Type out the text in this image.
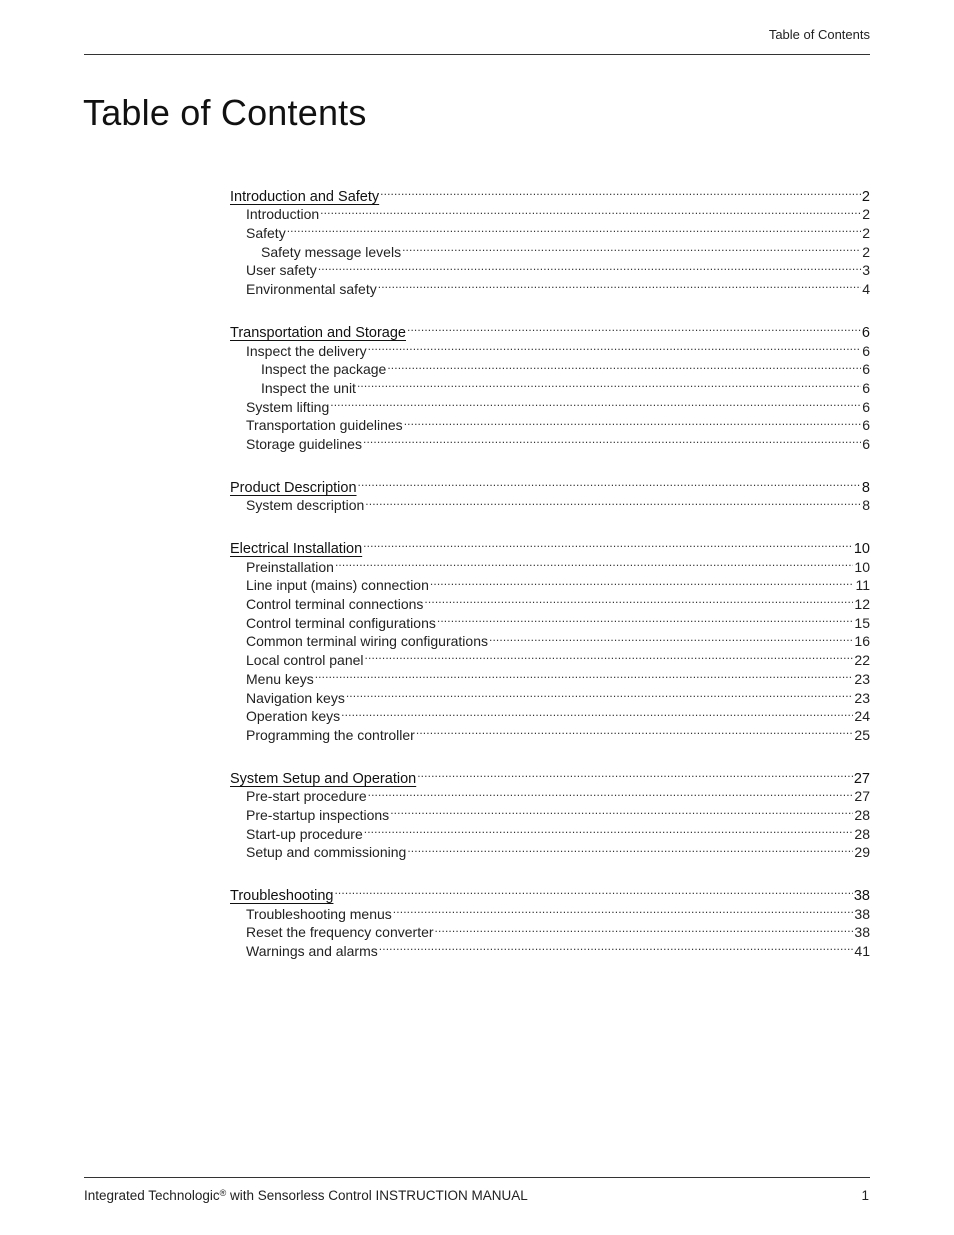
Table of Contents
Table of Contents
Introduction and Safety . . .	2
Introduction . . .	2
Safety . . .	2
Safety message levels . . .	2
User safety . . .	3
Environmental safety . . .	4
Transportation and Storage . . .	6
Inspect the delivery . . .	6
Inspect the package . . .	6
Inspect the unit . . .	6
System lifting . . .	6
Transportation guidelines . . .	6
Storage guidelines . . .	6
Product Description . . .	8
System description . . .	8
Electrical Installation . . .	10
Preinstallation . . .	10
Line input (mains) connection . . .	11
Control terminal connections . . .	12
Control terminal configurations . . .	15
Common terminal wiring configurations . . .	16
Local control panel . . .	22
Menu keys . . .	23
Navigation keys . . .	23
Operation keys . . .	24
Programming the controller . . .	25
System Setup and Operation . . .	27
Pre-start procedure . . .	27
Pre-startup inspections . . .	28
Start-up procedure . . .	28
Setup and commissioning . . .	29
Troubleshooting . . .	38
Troubleshooting menus . . .	38
Reset the frequency converter . . .	38
Warnings and alarms . . .	41
Integrated Technologic® with Sensorless Control INSTRUCTION MANUAL	1
